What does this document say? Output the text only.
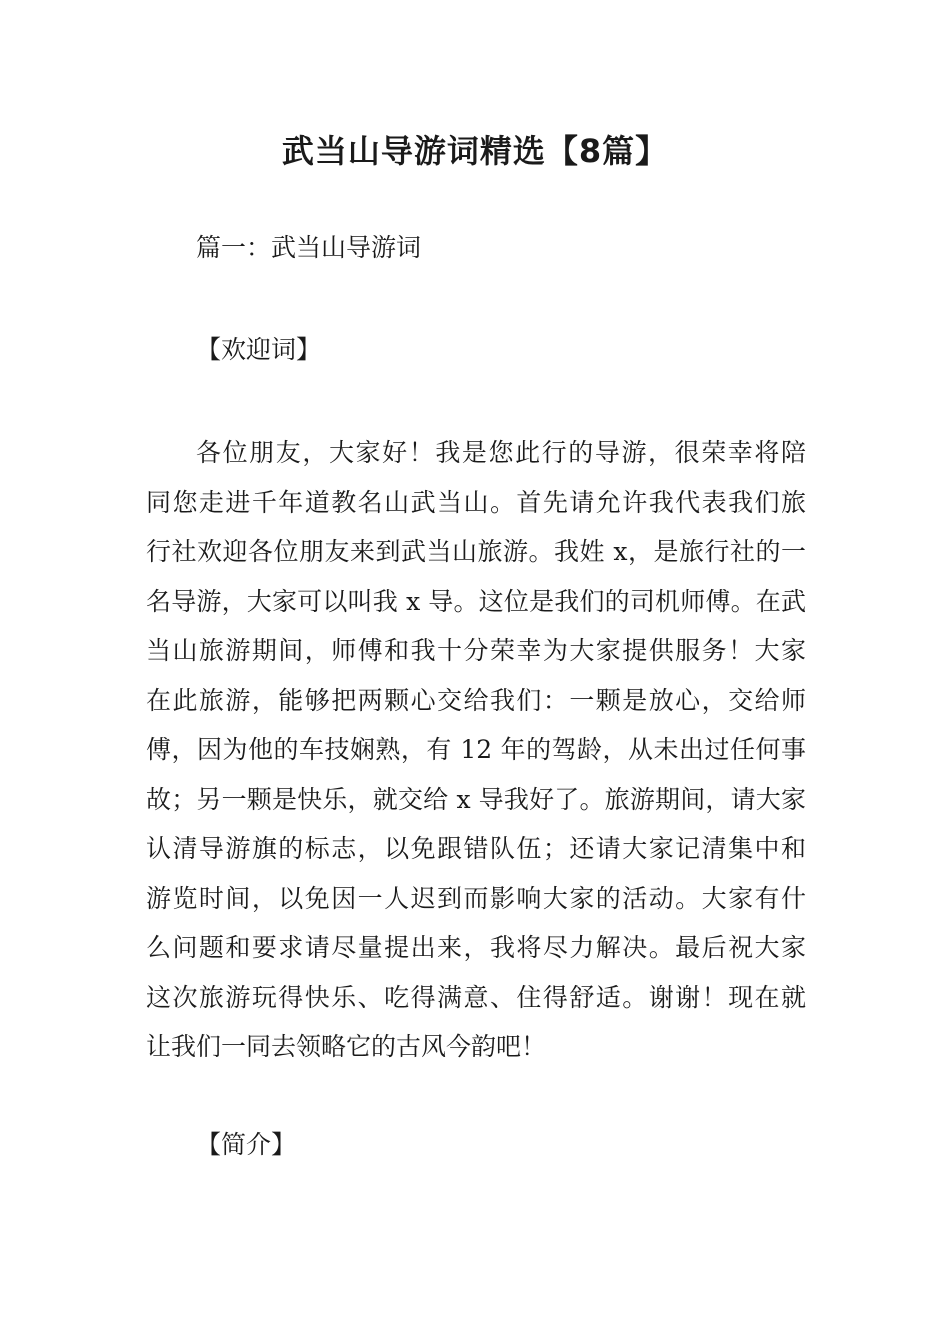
武当山导游词精选【8篇】
篇一：武当山导游词
【欢迎词】
各位朋友，大家好！我是您此行的导游，很荣幸将陪
同您走进千年道教名山武当山。首先请允许我代表我们旅
行社欢迎各位朋友来到武当山旅游。我姓 x，是旅行社的一
名导游，大家可以叫我 x 导。这位是我们的司机师傅。在武
当山旅游期间，师傅和我十分荣幸为大家提供服务！大家
在此旅游，能够把两颗心交给我们：一颗是放心，交给师
傅，因为他的车技娴熟，有 12 年的驾龄，从未出过任何事
故；另一颗是快乐，就交给 x 导我好了。旅游期间，请大家
认清导游旗的标志，以免跟错队伍；还请大家记清集中和
游览时间，以免因一人迟到而影响大家的活动。大家有什
么问题和要求请尽量提出来，我将尽力解决。最后祝大家
这次旅游玩得快乐、吃得满意、住得舒适。谢谢！现在就
让我们一同去领略它的古风今韵吧！
【简介】
